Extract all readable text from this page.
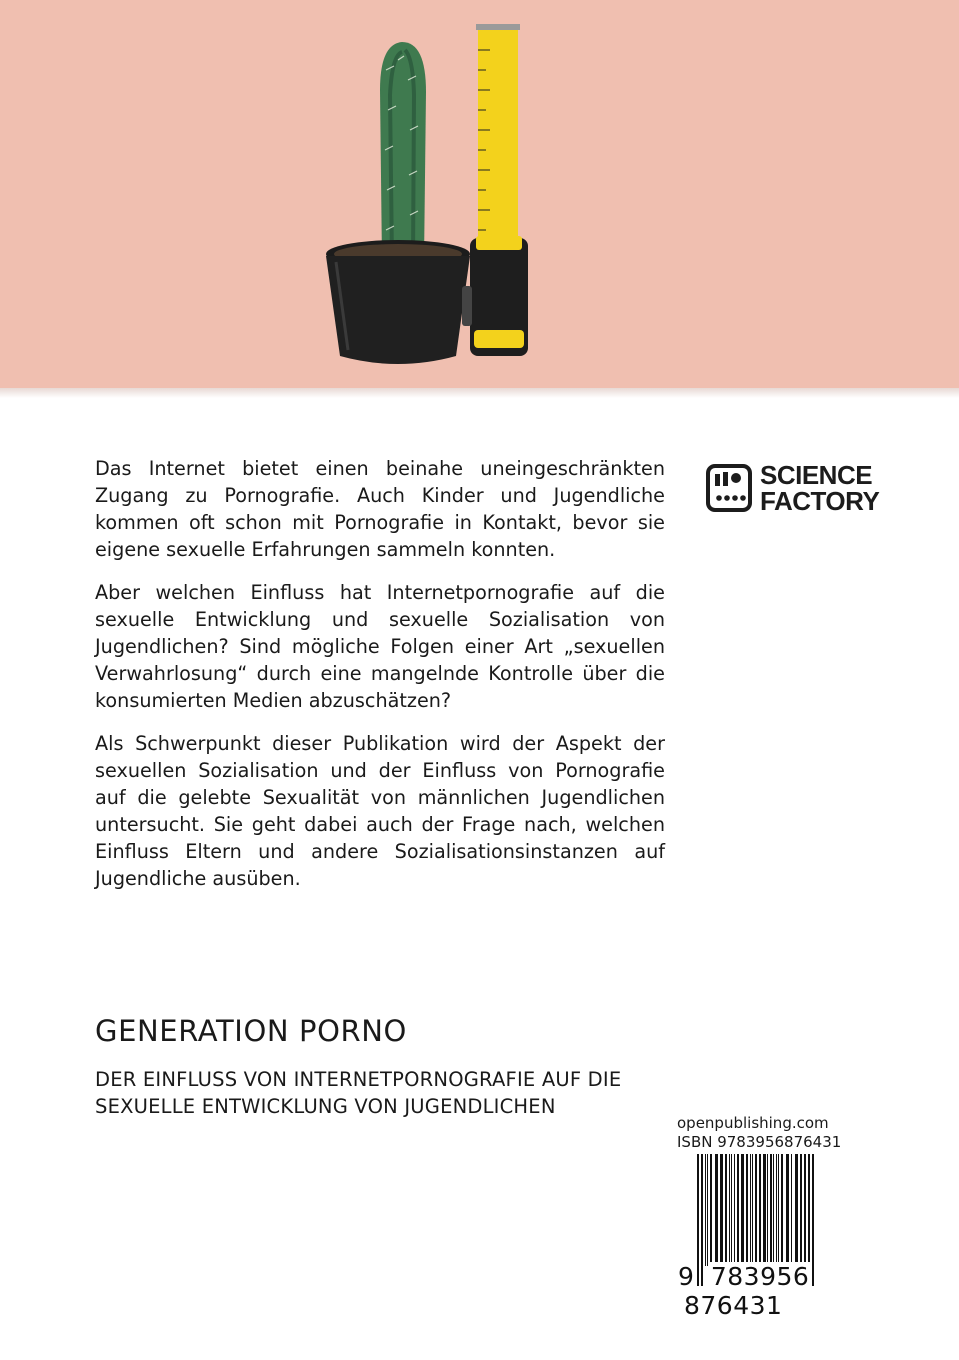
Das Internet bietet einen beinahe uneingeschränkten Zugang zu Pornografie. Auch Kinder und Jugendliche kommen oft schon mit Pornografie in Kontakt, bevor sie eigene sexuelle Erfahrungen sammeln konnten.

Aber welchen Einfluss hat Internetpornografie auf die sexuelle Entwicklung und sexuelle Sozialisation von Jugendlichen? Sind mögliche Folgen einer Art „sexuellen Verwahrlosung“ durch eine mangelnde Kontrolle über die konsumierten Medien abzuschätzen?

Als Schwerpunkt dieser Publikation wird der Aspekt der sexuellen Sozialisation und der Einfluss von Pornografie auf die gelebte Sexualität von männlichen Jugendlichen untersucht. Sie geht dabei auch der Frage nach, welchen Einfluss Eltern und andere Sozialisationsinstanzen auf Jugendliche ausüben.

SCIENCE
FACTORY
GENERATION PORNO
DER EINFLUSS VON INTERNETPORNOGRAFIE AUF DIE
SEXUELLE ENTWICKLUNG VON JUGENDLICHEN
openpublishing.com
ISBN 9783956876431
9 783956 876431
